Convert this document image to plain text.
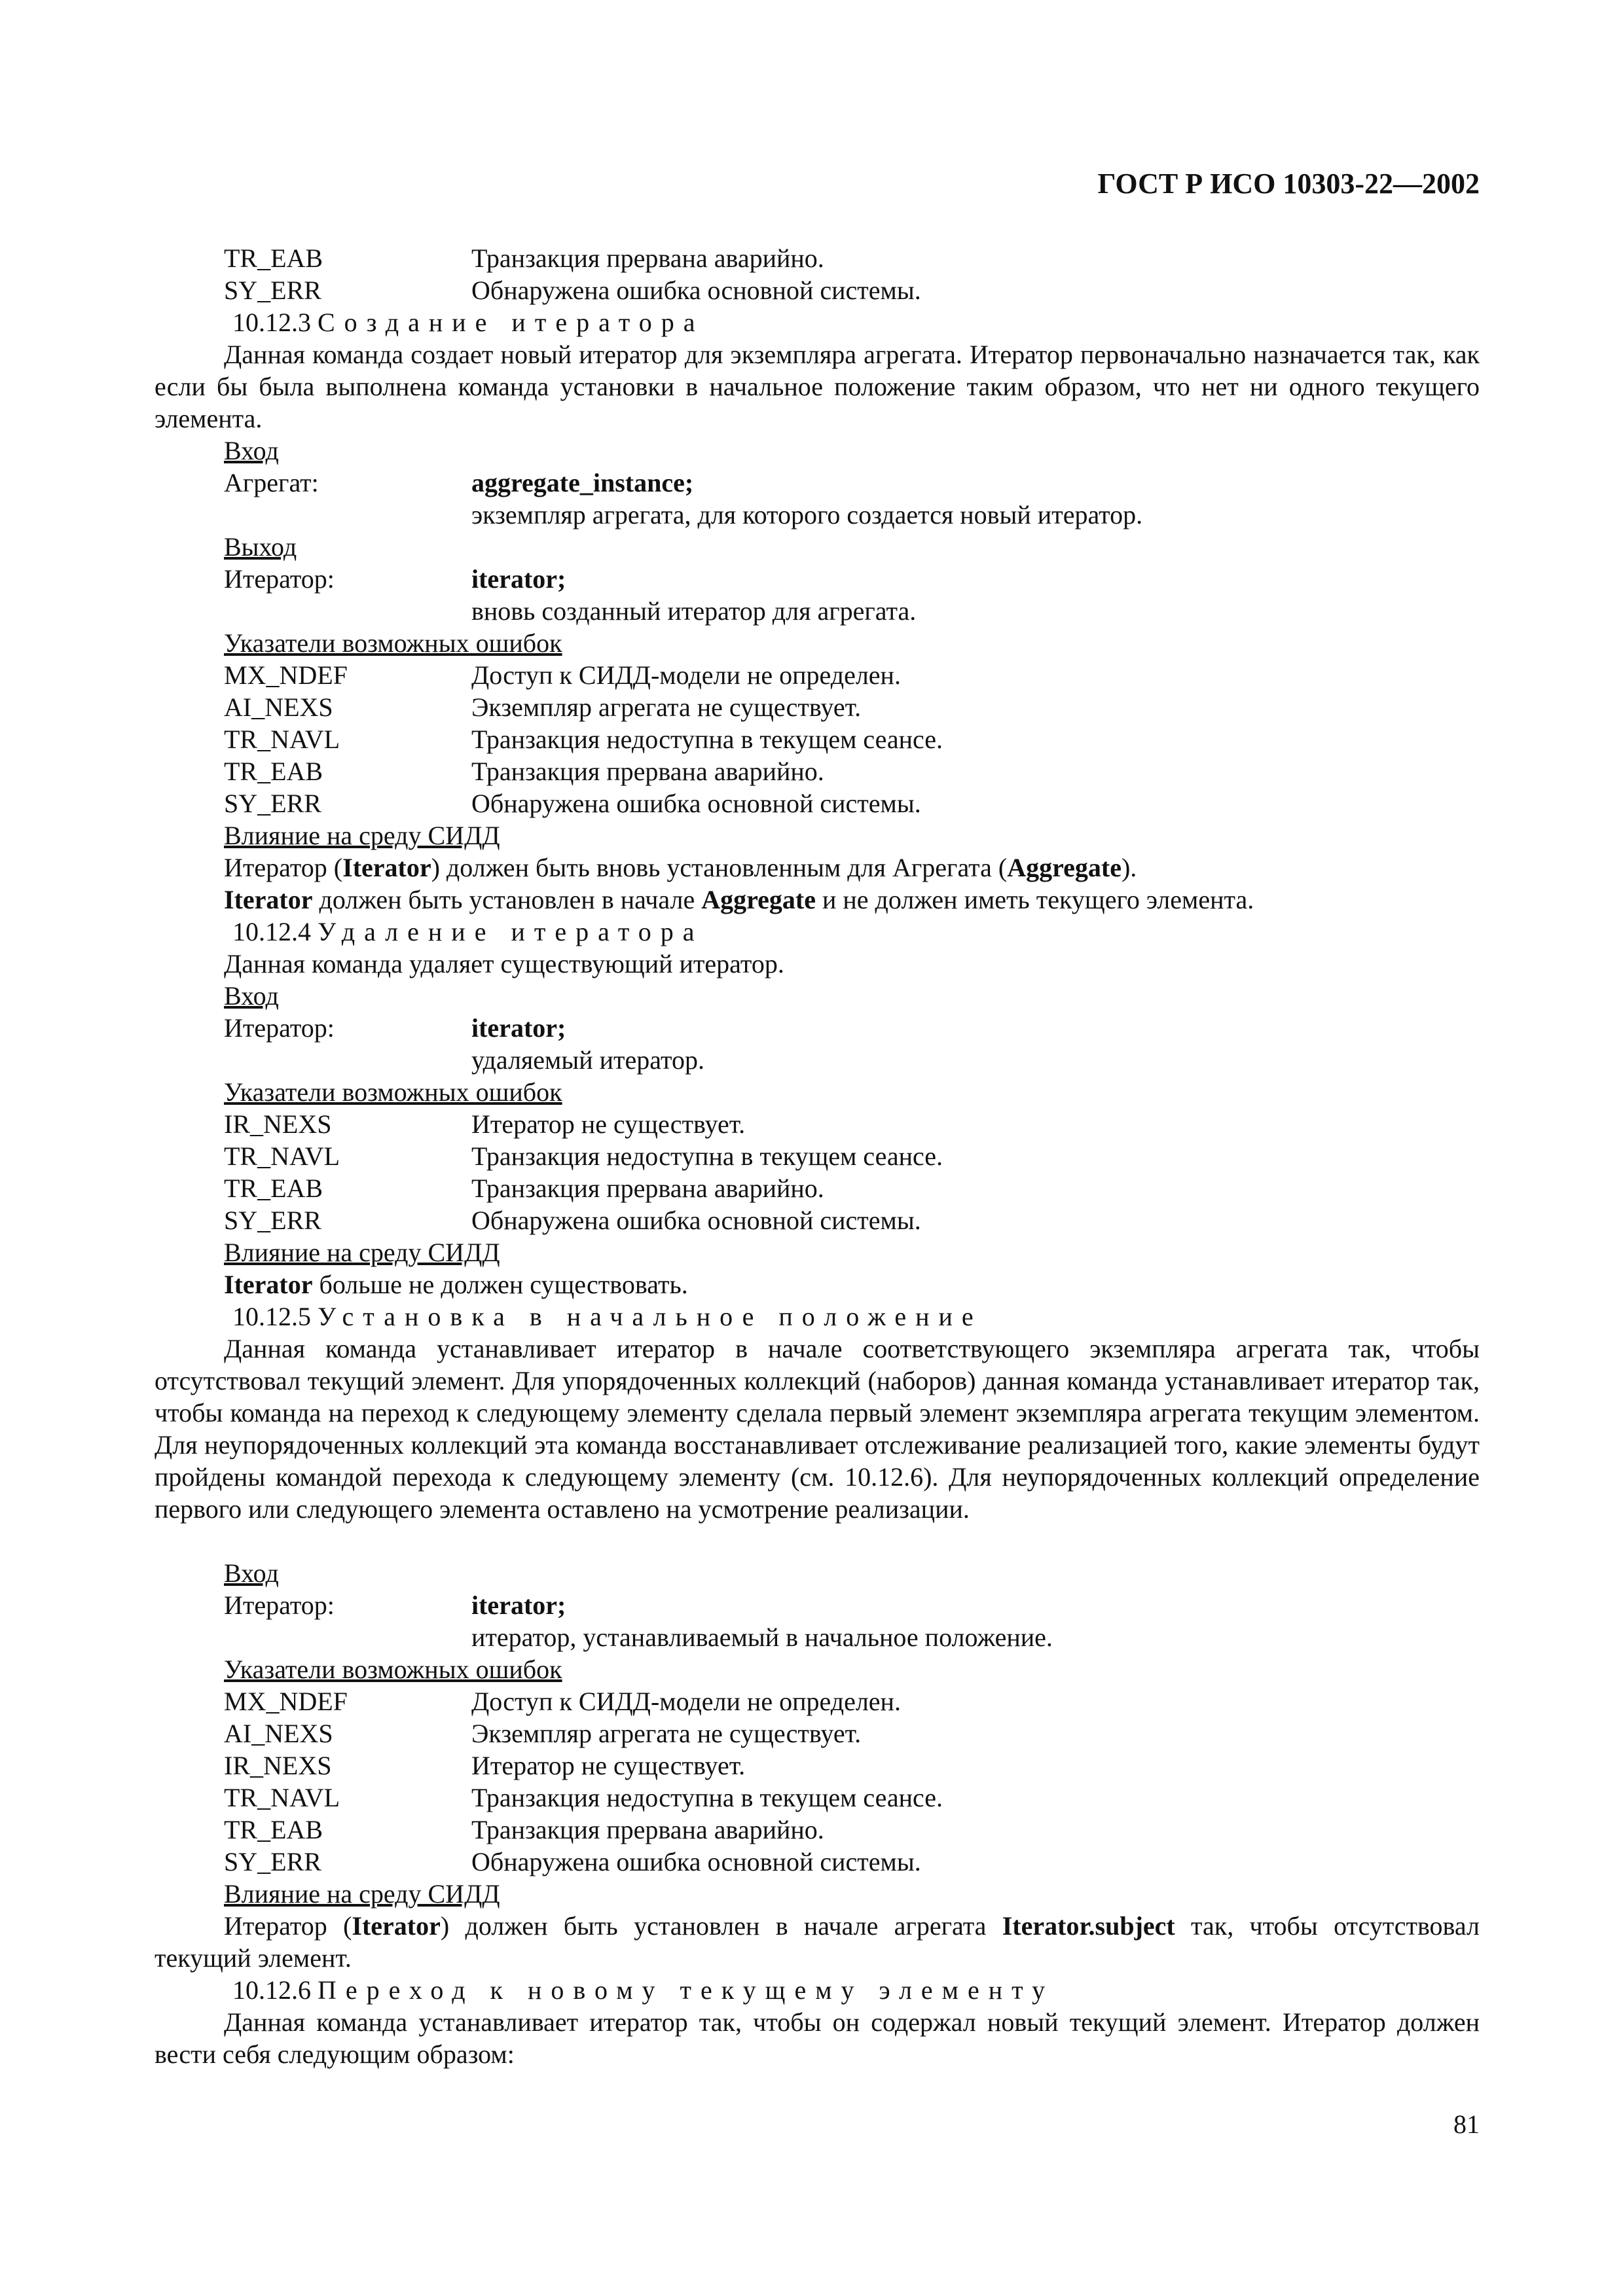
ГОСТ Р ИСО 10303-22—2002
TR_EAB	Транзакция прервана аварийно.
SY_ERR	Обнаружена ошибка основной системы.
10.12.3 Создание итератора
Данная команда создает новый итератор для экземпляра агрегата. Итератор первоначально назначается так, как если бы была выполнена команда установки в начальное положение таким образом, что нет ни одного текущего элемента.
Вход
Агрегат:	aggregate_instance;
экземпляр агрегата, для которого создается новый итератор.
Выход
Итератор:	iterator;
вновь созданный итератор для агрегата.
Указатели возможных ошибок
MX_NDEF	Доступ к СИДД-модели не определен.
AI_NEXS	Экземпляр агрегата не существует.
TR_NAVL	Транзакция недоступна в текущем сеансе.
TR_EAB	Транзакция прервана аварийно.
SY_ERR	Обнаружена ошибка основной системы.
Влияние на среду СИДД
Итератор (Iterator) должен быть вновь установленным для Агрегата (Aggregate).
Iterator должен быть установлен в начале Aggregate и не должен иметь текущего элемента.
10.12.4 Удаление итератора
Данная команда удаляет существующий итератор.
Вход
Итератор:	iterator;
удаляемый итератор.
Указатели возможных ошибок
IR_NEXS	Итератор не существует.
TR_NAVL	Транзакция недоступна в текущем сеансе.
TR_EAB	Транзакция прервана аварийно.
SY_ERR	Обнаружена ошибка основной системы.
Влияние на среду СИДД
Iterator больше не должен существовать.
10.12.5 Установка в начальное положение
Данная команда устанавливает итератор в начале соответствующего экземпляра агрегата так, чтобы отсутствовал текущий элемент. Для упорядоченных коллекций (наборов) данная команда устанавливает итератор так, чтобы команда на переход к следующему элементу сделала первый элемент экземпляра агрегата текущим элементом. Для неупорядоченных коллекций эта команда восстанавливает отслеживание реализацией того, какие элементы будут пройдены командой перехода к следующему элементу (см. 10.12.6). Для неупорядоченных коллекций определение первого или следующего элемента оставлено на усмотрение реализации.
Вход
Итератор:	iterator;
итератор, устанавливаемый в начальное положение.
Указатели возможных ошибок
MX_NDEF	Доступ к СИДД-модели не определен.
AI_NEXS	Экземпляр агрегата не существует.
IR_NEXS	Итератор не существует.
TR_NAVL	Транзакция недоступна в текущем сеансе.
TR_EAB	Транзакция прервана аварийно.
SY_ERR	Обнаружена ошибка основной системы.
Влияние на среду СИДД
Итератор (Iterator) должен быть установлен в начале агрегата Iterator.subject так, чтобы отсутствовал текущий элемент.
10.12.6 Переход к новому текущему элементу
Данная команда устанавливает итератор так, чтобы он содержал новый текущий элемент. Итератор должен вести себя следующим образом:
81
